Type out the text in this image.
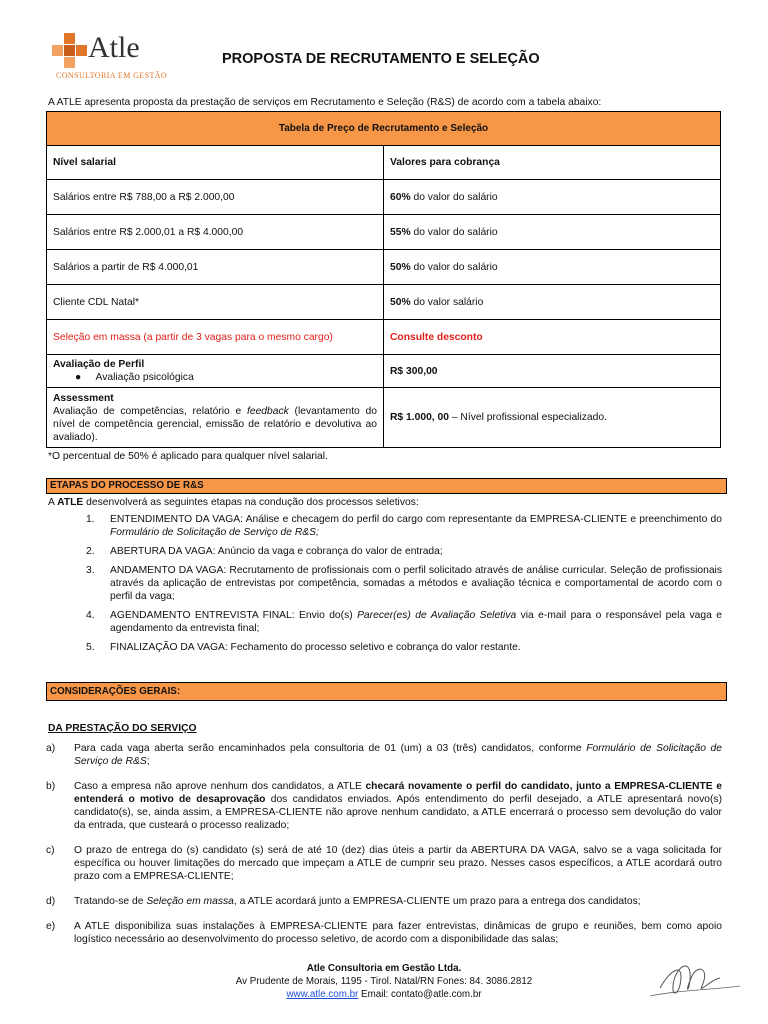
Atle
CONSULTORIA EM GESTÃO
PROPOSTA DE RECRUTAMENTO E SELEÇÃO
A ATLE apresenta proposta da prestação de serviços em Recrutamento e Seleção (R&S) de acordo com a tabela abaixo:
Tabela de Preço de Recrutamento e Seleção	
Nível salarial	Valores para cobrança
Salários entre R$ 788,00 a R$ 2.000,00	60% do valor do salário
Salários entre R$ 2.000,01 a R$ 4.000,00	55% do valor do salário
Salários a partir de R$ 4.000,01	50% do valor do salário
Cliente CDL Natal*	50% do valor salário
Seleção em massa (a partir de 3 vagas para o mesmo cargo)	Consulte desconto

Avaliação de Perfil
●     Avaliação psicológica	R$ 300,00

Assessment
Avaliação de competências, relatório e feedback (levantamento do nível de competência gerencial, emissão de relatório e devolutiva ao avaliado).	R$ 1.000, 00 – Nível profissional especializado.
*O percentual de 50% é aplicado para qualquer nível salarial.
ETAPAS DO PROCESSO DE R&S
A ATLE desenvolverá as seguintes etapas na condução dos processos seletivos:
1. ENTENDIMENTO DA VAGA: Análise e checagem do perfil do cargo com representante da EMPRESA-CLIENTE e preenchimento do Formulário de Solicitação de Serviço de R&S;
2. ABERTURA DA VAGA: Anúncio da vaga e cobrança do valor de entrada;
3. ANDAMENTO DA VAGA: Recrutamento de profissionais com o perfil solicitado através de análise curricular. Seleção de profissionais através da aplicação de entrevistas por competência, somadas a métodos e avaliação técnica e comportamental de acordo com o perfil da vaga;
4. AGENDAMENTO ENTREVISTA FINAL: Envio do(s) Parecer(es) de Avaliação Seletiva via e-mail para o responsável pela vaga e agendamento da entrevista final;
5. FINALIZAÇÃO DA VAGA: Fechamento do processo seletivo e cobrança do valor restante.
CONSIDERAÇÕES GERAIS:
DA PRESTAÇÃO DO SERVIÇO
a) Para cada vaga aberta serão encaminhados pela consultoria de 01 (um) a 03 (três) candidatos, conforme Formulário de Solicitação de Serviço de R&S;
b) Caso a empresa não aprove nenhum dos candidatos, a ATLE checará novamente o perfil do candidato, junto a EMPRESA-CLIENTE e entenderá o motivo de desaprovação dos candidatos enviados. Após entendimento do perfil desejado, a ATLE apresentará novo(s) candidato(s), se, ainda assim, a EMPRESA-CLIENTE não aprove nenhum candidato, a ATLE encerrará o processo sem devolução do valor da entrada, que custeará o processo realizado;
c) O prazo de entrega do (s) candidato (s) será de até 10 (dez) dias úteis a partir da ABERTURA DA VAGA, salvo se a vaga solicitada for específica ou houver limitações do mercado que impeçam a ATLE de cumprir seu prazo. Nesses casos específicos, a ATLE acordará outro prazo com a EMPRESA-CLIENTE;
d) Tratando-se de Seleção em massa, a ATLE acordará junto a EMPRESA-CLIENTE um prazo para a entrega dos candidatos;
e) A ATLE disponibiliza suas instalações à EMPRESA-CLIENTE para fazer entrevistas, dinâmicas de grupo e reuniões, bem como apoio logístico necessário ao desenvolvimento do processo seletivo, de acordo com a disponibilidade das salas;
Atle Consultoria em Gestão Ltda.
Av Prudente de Morais, 1195 - Tirol. Natal/RN Fones: 84. 3086.2812
www.atle.com.br Email: contato@atle.com.br
